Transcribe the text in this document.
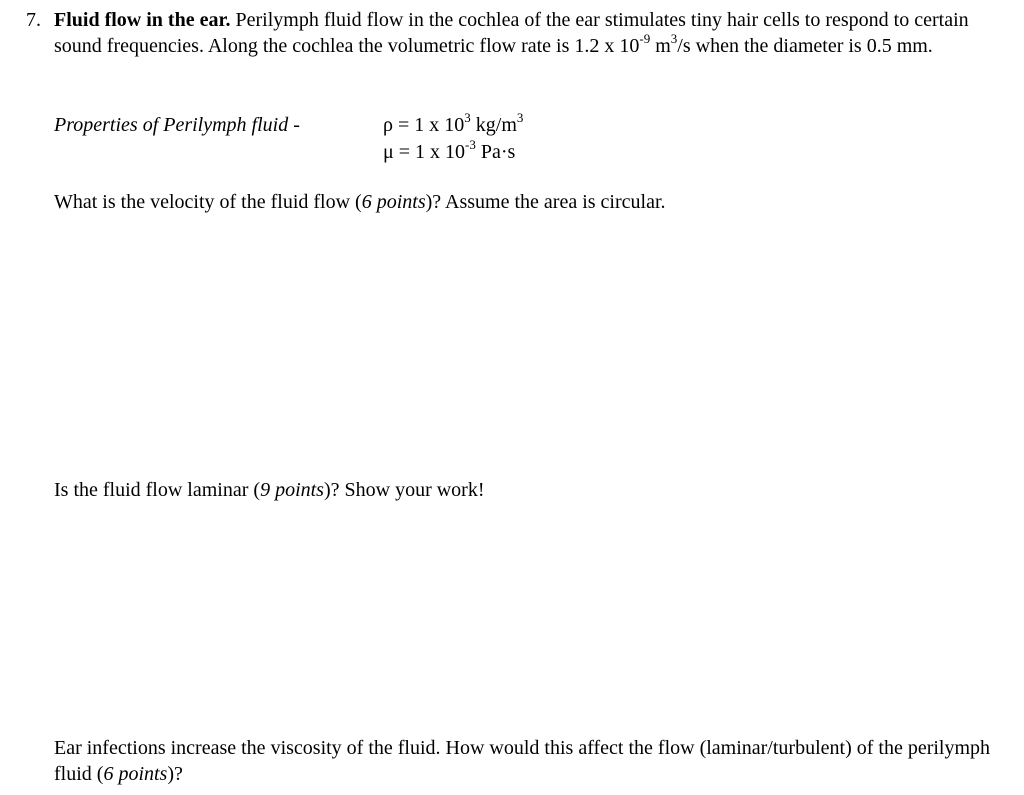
7. Fluid flow in the ear. Perilymph fluid flow in the cochlea of the ear stimulates tiny hair cells to respond to certain sound frequencies. Along the cochlea the volumetric flow rate is 1.2 x $10^{-9}$ $m^3/s$ when the diameter is 0.5 mm.
Properties of Perilymph fluid -	ρ = 1 x $10^3$ $kg/m^3$
μ = 1 x $10^{-3}$ Pa·s
What is the velocity of the fluid flow (6 points)? Assume the area is circular.
Is the fluid flow laminar (9 points)? Show your work!
Ear infections increase the viscosity of the fluid. How would this affect the flow (laminar/turbulent) of the perilymph fluid (6 points)?
